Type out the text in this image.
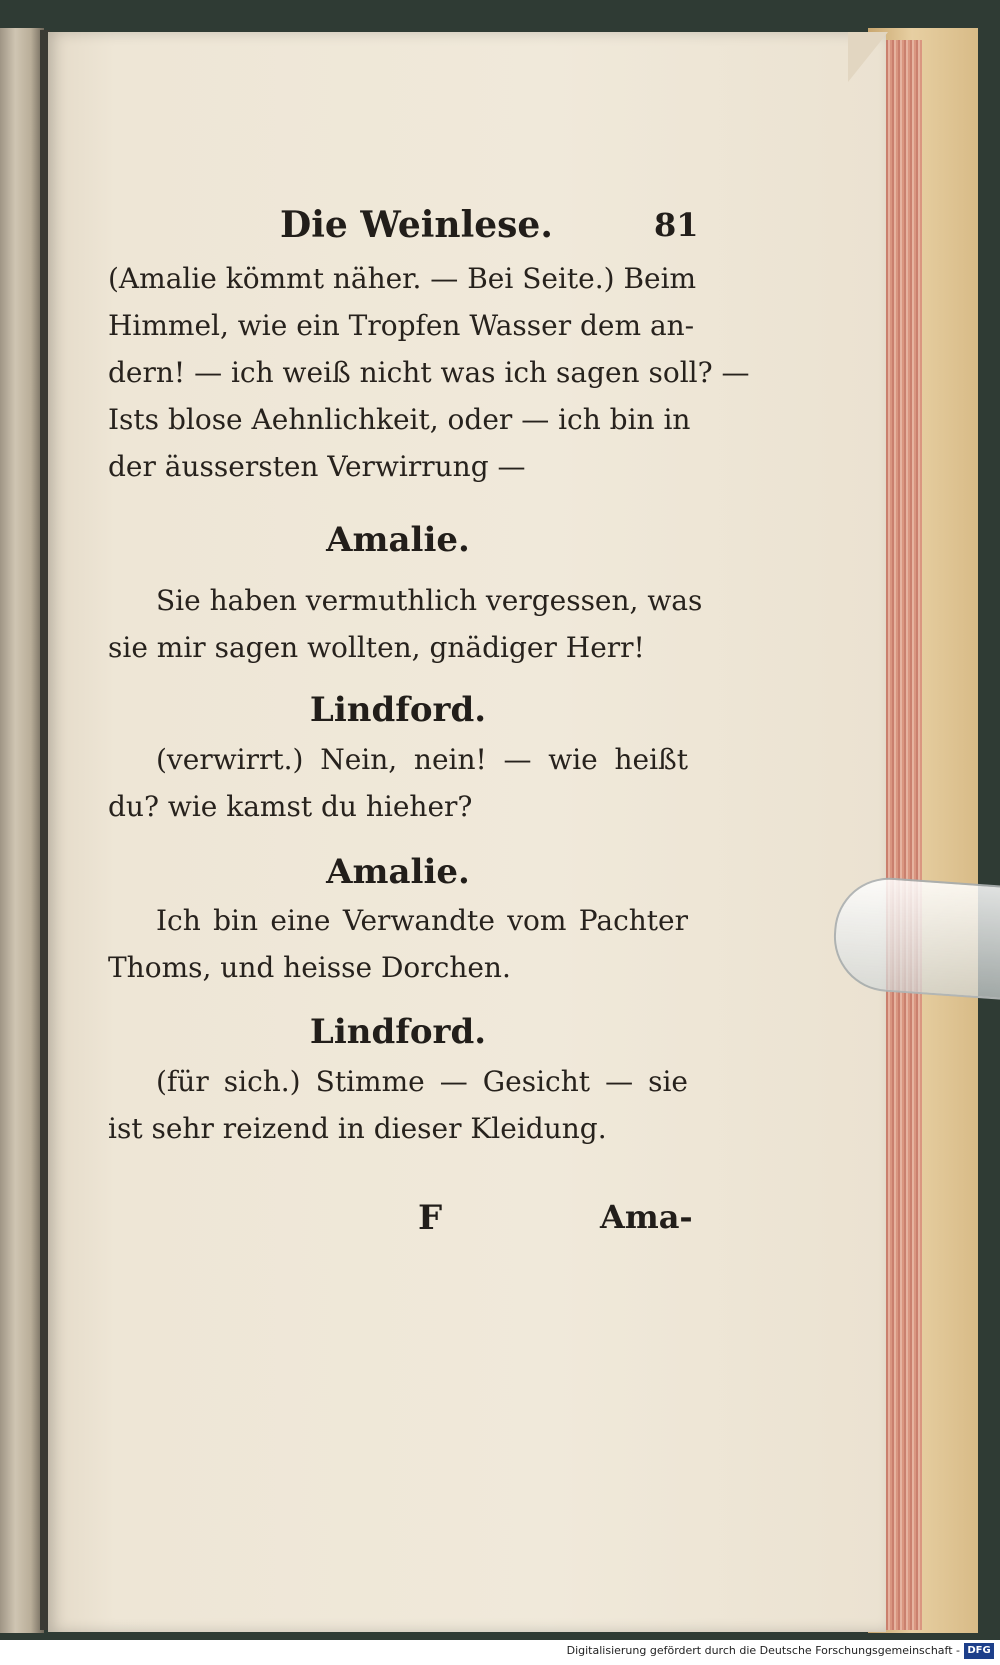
Die Weinlese.	81
(Amalie kömmt näher. — Bei Seite.) Beim
Himmel, wie ein Tropfen Wasser dem an-
dern! — ich weiß nicht was ich sagen soll? —
Ists blose Aehnlichkeit, oder — ich bin in
der äussersten Verwirrung —
Amalie.
Sie haben vermuthlich vergessen, was
sie mir sagen wollten, gnädiger Herr!
Lindford.
(verwirrt.) Nein, nein! — wie heißt
du? wie kamst du hieher?
Amalie.
Ich bin eine Verwandte vom Pachter
Thoms, und heisse Dorchen.
Lindford.
(für sich.) Stimme — Gesicht — sie
ist sehr reizend in dieser Kleidung.
F	Ama-
Digitalisierung gefördert durch die Deutsche Forschungsgemeinschaft - DFG
